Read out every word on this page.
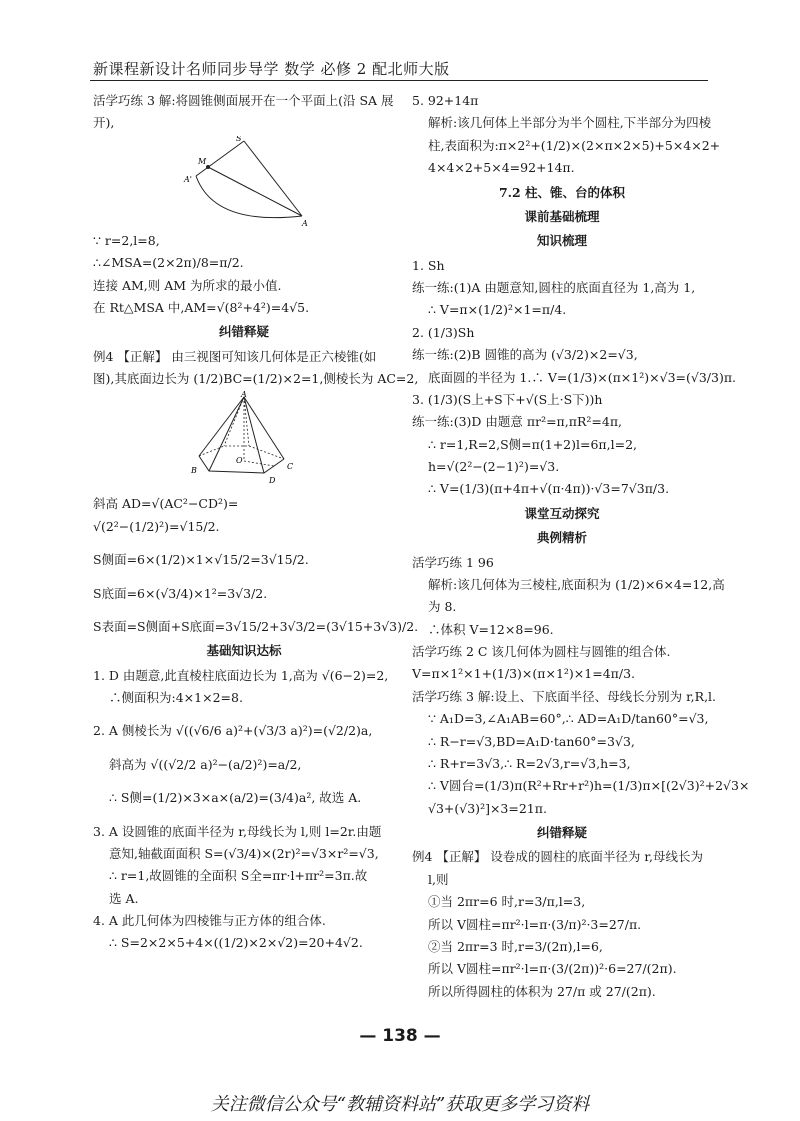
新课程新设计名师同步导学 数学 必修 2 配北师大版
活学巧练 3 解:将圆锥侧面展开在一个平面上(沿 SA 展
开),
S
M
A'
A
∵ r=2,l=8,
∴∠MSA=(2×2π)/8=π/2.
连接 AM,则 AM 为所求的最小值.
在 Rt△MSA 中,AM=√(8²+4²)=4√5.
纠错释疑
例4 【正解】 由三视图可知该几何体是正六棱锥(如
图),其底面边长为 (1/2)BC=(1/2)×2=1,侧棱长为 AC=2,
A
O
B	C
D
斜高 AD=√(AC²−CD²)=
√(2²−(1/2)²)=√15/2.
S侧面=6×(1/2)×1×√15/2=3√15/2.
S底面=6×(√3/4)×1²=3√3/2.
S表面=S侧面+S底面=3√15/2+3√3/2=(3√15+3√3)/2.
基础知识达标
1. D 由题意,此直棱柱底面边长为 1,高为 √(6−2)=2,
∴侧面积为:4×1×2=8.
2. A 侧棱长为 √((√6/6 a)²+(√3/3 a)²)=(√2/2)a,
斜高为 √((√2/2 a)²−(a/2)²)=a/2,
∴ S侧=(1/2)×3×a×(a/2)=(3/4)a², 故选 A.
3. A 设圆锥的底面半径为 r,母线长为 l,则 l=2r.由题
意知,轴截面面积 S=(√3/4)×(2r)²=√3×r²=√3,
∴ r=1,故圆锥的全面积 S全=πr·l+πr²=3π.故
选 A.
4. A 此几何体为四棱锥与正方体的组合体.
∴ S=2×2×5+4×((1/2)×2×√2)=20+4√2.
5. 92+14π
解析:该几何体上半部分为半个圆柱,下半部分为四棱
柱,表面积为:π×2²+(1/2)×(2×π×2×5)+5×4×2+
4×4×2+5×4=92+14π.
7.2 柱、锥、台的体积
课前基础梳理
知识梳理
1. Sh
练一练:(1)A 由题意知,圆柱的底面直径为 1,高为 1,
∴ V=π×(1/2)²×1=π/4.
2. (1/3)Sh
练一练:(2)B 圆锥的高为 (√3/2)×2=√3,
底面圆的半径为 1.∴ V=(1/3)×(π×1²)×√3=(√3/3)π.
3. (1/3)(S上+S下+√(S上·S下))h
练一练:(3)D 由题意 πr²=π,πR²=4π,
∴ r=1,R=2,S侧=π(1+2)l=6π,l=2,
h=√(2²−(2−1)²)=√3.
∴ V=(1/3)(π+4π+√(π·4π))·√3=7√3π/3.
课堂互动探究
典例精析
活学巧练 1 96
解析:该几何体为三棱柱,底面积为 (1/2)×6×4=12,高
为 8.
∴体积 V=12×8=96.
活学巧练 2 C 该几何体为圆柱与圆锥的组合体.
V=π×1²×1+(1/3)×(π×1²)×1=4π/3.
活学巧练 3 解:设上、下底面半径、母线长分别为 r,R,l.
∵ A₁D=3,∠A₁AB=60°,∴ AD=A₁D/tan60°=√3,
∴ R−r=√3,BD=A₁D·tan60°=3√3,
∴ R+r=3√3,∴ R=2√3,r=√3,h=3,
∴ V圆台=(1/3)π(R²+Rr+r²)h=(1/3)π×[(2√3)²+2√3×
√3+(√3)²]×3=21π.
纠错释疑
例4 【正解】 设卷成的圆柱的底面半径为 r,母线长为
l,则
①当 2πr=6 时,r=3/π,l=3,
所以 V圆柱=πr²·l=π·(3/π)²·3=27/π.
②当 2πr=3 时,r=3/(2π),l=6,
所以 V圆柱=πr²·l=π·(3/(2π))²·6=27/(2π).
所以所得圆柱的体积为 27/π 或 27/(2π).
— 138 —
关注微信公众号“教辅资料站”获取更多学习资料
